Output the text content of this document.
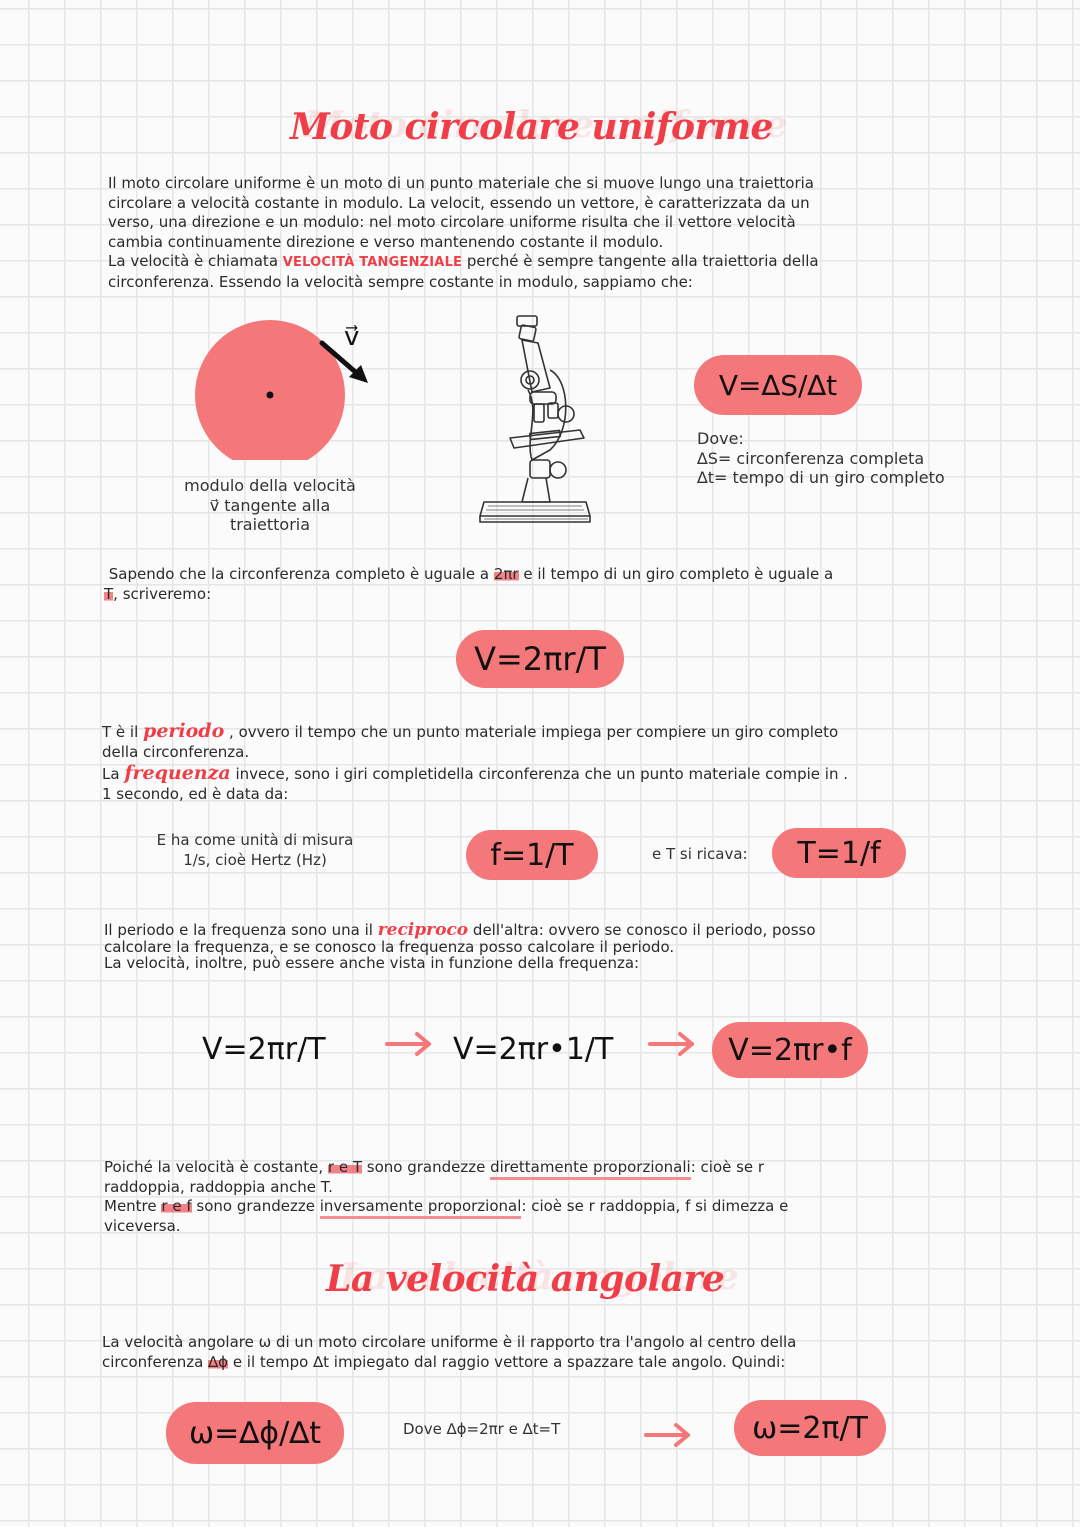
Moto circolare uniforme

Il moto circolare uniforme è un moto di un punto materiale che si muove lungo una traiettoria

circolare a velocità costante in modulo. La velocit, essendo un vettore, è caratterizzata da un

verso, una direzione e un modulo: nel moto circolare uniforme risulta che il vettore velocità

cambia continuamente direzione e verso mantenendo costante il modulo.

La velocità è chiamata VELOCITÀ TANGENZIALE perché è sempre tangente alla traiettoria della

circonferenza. Essendo la velocità sempre costante in modulo, sappiamo che:

v⃗
modulo della velocità
v⃗ tangente alla
traiettoria
V=∆S/∆t
Dove:
∆S= circonferenza completa
∆t= tempo di un giro completo

Sapendo che la circonferenza completo è uguale a 2πr e il tempo di un giro completo è uguale a

T, scriveremo:

V=2πr/T

T è il periodo , ovvero il tempo che un punto materiale impiega per compiere un giro completo

della circonferenza.

La frequenza invece, sono i giri completidella circonferenza che un punto materiale compie in .

1 secondo, ed è data da:

E ha come unità di misura
1/s, cioè Hertz (Hz)	f=1/T	e T si ricava:	T=1/f

Il periodo e la frequenza sono una il reciproco dell'altra: ovvero se conosco il periodo, posso

calcolare la frequenza, e se conosco la frequenza posso calcolare il periodo.

La velocità, inoltre, può essere anche vista in funzione della frequenza:

V=2πr/T	V=2πr•1/T	V=2πr•f

Poiché la velocità è costante, r e T sono grandezze direttamente proporzionali: cioè se r

raddoppia, raddoppia anche T.

Mentre r e f sono grandezze inversamente proporzional: cioè se r raddoppia, f si dimezza e

viceversa.

La velocità angolare

La velocità angolare ω di un moto circolare uniforme è il rapporto tra l'angolo al centro della

circonferenza ∆ϕ e il tempo ∆t impiegato dal raggio vettore a spazzare tale angolo. Quindi:

ω=∆ϕ/∆t	Dove ∆ϕ=2πr e ∆t=T	ω=2π/T
